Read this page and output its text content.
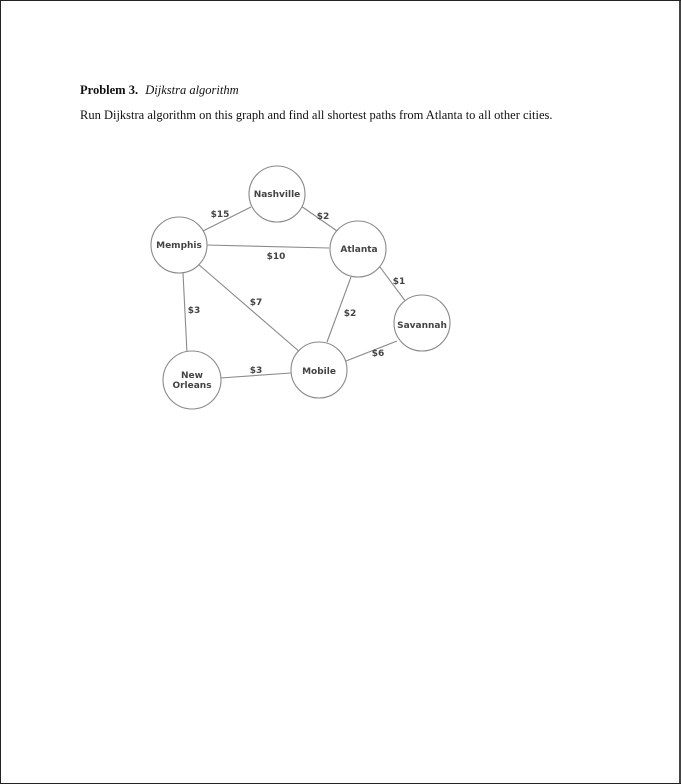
Problem 3. Dijkstra algorithm
Run Dijkstra algorithm on this graph and find all shortest paths from Atlanta to all other cities.
$15	$2
$10
$1
$7
$3	$2
$6
$3
Nashville
Memphis	Atlanta
Savannah
New
Orleans
Mobile
